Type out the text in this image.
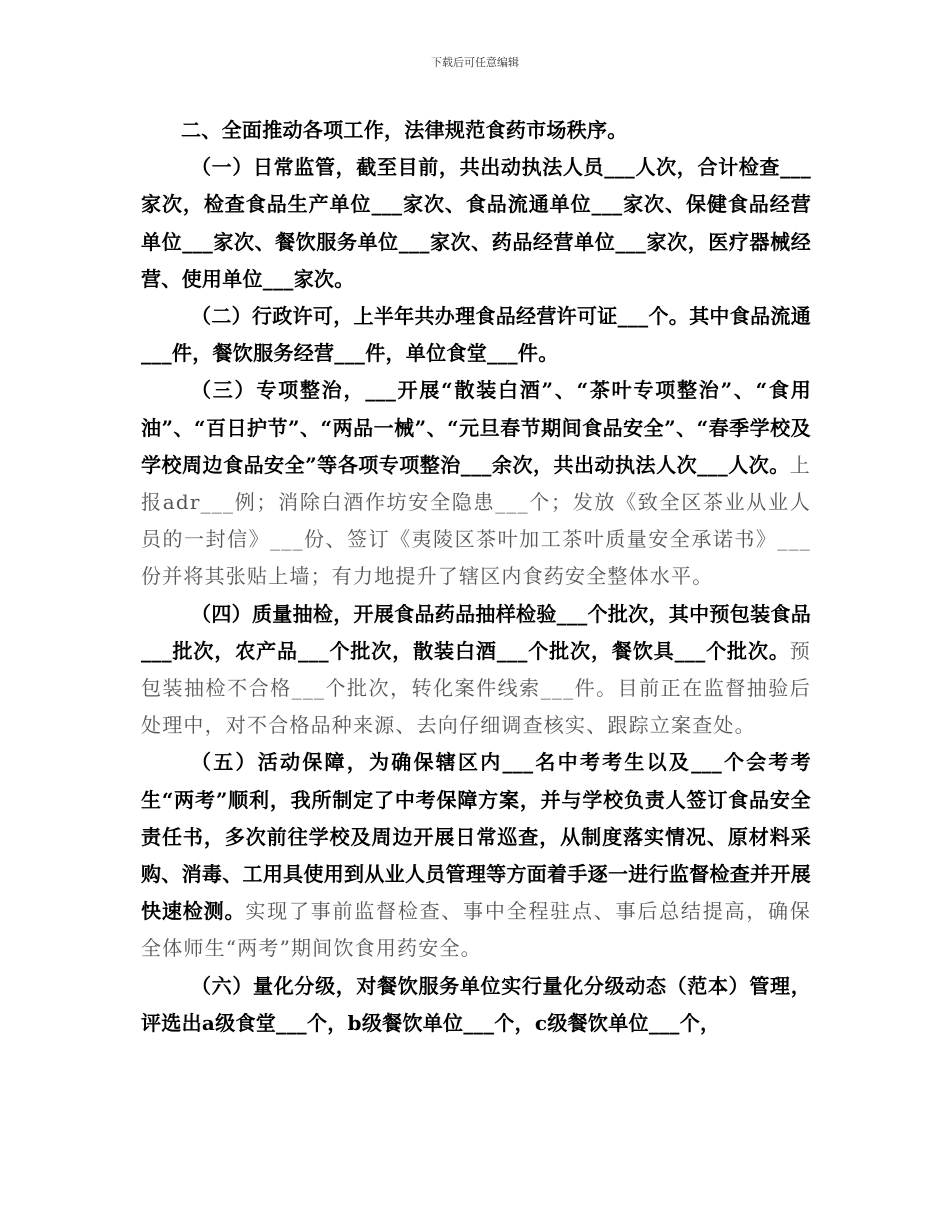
下载后可任意编辑

二、全面推动各项工作，法律规范食药市场秩序。

（一）日常监管，截至目前，共出动执法人员___人次，合计检查___家次，检查食品生产单位___家次、食品流通单位___家次、保健食品经营单位___家次、餐饮服务单位___家次、药品经营单位___家次，医疗器械经营、使用单位___家次。

（二）行政许可，上半年共办理食品经营许可证___个。其中食品流通___件，餐饮服务经营___件，单位食堂___件。

（三）专项整治，___开展“散装白酒”、“茶叶专项整治”、“食用油”、“百日护节”、“两品一械”、“元旦春节期间食品安全”、“春季学校及学校周边食品安全”等各项专项整治___余次，共出动执法人次___人次。上报adr___例；消除白酒作坊安全隐患___个；发放《致全区茶业从业人员的一封信》___份、签订《夷陵区茶叶加工茶叶质量安全承诺书》___份并将其张贴上墙；有力地提升了辖区内食药安全整体水平。

（四）质量抽检，开展食品药品抽样检验___个批次，其中预包装食品___批次，农产品___个批次，散装白酒___个批次，餐饮具___个批次。预包装抽检不合格___个批次，转化案件线索___件。目前正在监督抽验后处理中，对不合格品种来源、去向仔细调查核实、跟踪立案查处。

（五）活动保障，为确保辖区内___名中考考生以及___个会考考生“两考”顺利，我所制定了中考保障方案，并与学校负责人签订食品安全责任书，多次前往学校及周边开展日常巡查，从制度落实情况、原材料采购、消毒、工用具使用到从业人员管理等方面着手逐一进行监督检查并开展快速检测。实现了事前监督检查、事中全程驻点、事后总结提高，确保全体师生“两考”期间饮食用药安全。

（六）量化分级，对餐饮服务单位实行量化分级动态（范本）管理，评选出a级食堂___个，b级餐饮单位___个，c级餐饮单位___个，
